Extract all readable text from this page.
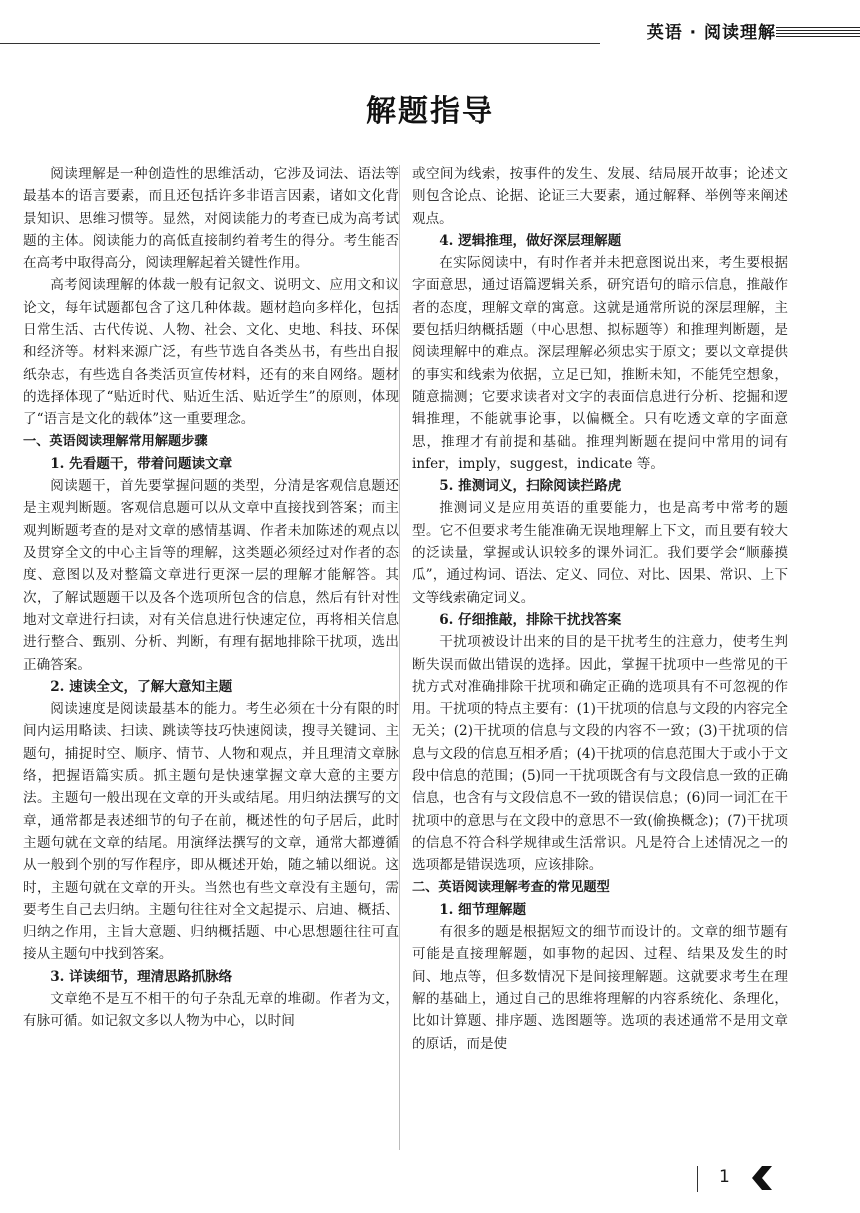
英语 · 阅读理解
解题指导

阅读理解是一种创造性的思维活动，它涉及词法、语法等最基本的语言要素，而且还包括许多非语言因素，诸如文化背景知识、思维习惯等。显然，对阅读能力的考查已成为高考试题的主体。阅读能力的高低直接制约着考生的得分。考生能否在高考中取得高分，阅读理解起着关键性作用。

高考阅读理解的体裁一般有记叙文、说明文、应用文和议论文，每年试题都包含了这几种体裁。题材趋向多样化，包括日常生活、古代传说、人物、社会、文化、史地、科技、环保和经济等。材料来源广泛，有些节选自各类丛书，有些出自报纸杂志，有些选自各类活页宣传材料，还有的来自网络。题材的选择体现了“贴近时代、贴近生活、贴近学生”的原则，体现了“语言是文化的载体”这一重要理念。

一、英语阅读理解常用解题步骤

1. 先看题干，带着问题读文章

阅读题干，首先要掌握问题的类型，分清是客观信息题还是主观判断题。客观信息题可以从文章中直接找到答案；而主观判断题考查的是对文章的感情基调、作者未加陈述的观点以及贯穿全文的中心主旨等的理解，这类题必须经过对作者的态度、意图以及对整篇文章进行更深一层的理解才能解答。其次，了解试题题干以及各个选项所包含的信息，然后有针对性地对文章进行扫读，对有关信息进行快速定位，再将相关信息进行整合、甄别、分析、判断，有理有据地排除干扰项，选出正确答案。

2. 速读全文，了解大意知主题

阅读速度是阅读最基本的能力。考生必须在十分有限的时间内运用略读、扫读、跳读等技巧快速阅读，搜寻关键词、主题句，捕捉时空、顺序、情节、人物和观点，并且理清文章脉络，把握语篇实质。抓主题句是快速掌握文章大意的主要方法。主题句一般出现在文章的开头或结尾。用归纳法撰写的文章，通常都是表述细节的句子在前，概述性的句子居后，此时主题句就在文章的结尾。用演绎法撰写的文章，通常大都遵循从一般到个别的写作程序，即从概述开始，随之辅以细说。这时，主题句就在文章的开头。当然也有些文章没有主题句，需要考生自己去归纳。主题句往往对全文起提示、启迪、概括、归纳之作用，主旨大意题、归纳概括题、中心思想题往往可直接从主题句中找到答案。

3. 详读细节，理清思路抓脉络

文章绝不是互不相干的句子杂乱无章的堆砌。作者为文，有脉可循。如记叙文多以人物为中心，以时间

或空间为线索，按事件的发生、发展、结局展开故事；论述文则包含论点、论据、论证三大要素，通过解释、举例等来阐述观点。

4. 逻辑推理，做好深层理解题

在实际阅读中，有时作者并未把意图说出来，考生要根据字面意思，通过语篇逻辑关系，研究语句的暗示信息，推敲作者的态度，理解文章的寓意。这就是通常所说的深层理解，主要包括归纳概括题（中心思想、拟标题等）和推理判断题，是阅读理解中的难点。深层理解必须忠实于原文；要以文章提供的事实和线索为依据，立足已知，推断未知，不能凭空想象，随意揣测；它要求读者对文字的表面信息进行分析、挖掘和逻辑推理，不能就事论事，以偏概全。只有吃透文章的字面意思，推理才有前提和基础。推理判断题在提问中常用的词有 infer，imply，suggest，indicate 等。

5. 推测词义，扫除阅读拦路虎

推测词义是应用英语的重要能力，也是高考中常考的题型。它不但要求考生能准确无误地理解上下文，而且要有较大的泛读量，掌握或认识较多的课外词汇。我们要学会“顺藤摸瓜”，通过构词、语法、定义、同位、对比、因果、常识、上下文等线索确定词义。

6. 仔细推敲，排除干扰找答案

干扰项被设计出来的目的是干扰考生的注意力，使考生判断失误而做出错误的选择。因此，掌握干扰项中一些常见的干扰方式对准确排除干扰项和确定正确的选项具有不可忽视的作用。干扰项的特点主要有：(1)干扰项的信息与文段的内容完全无关；(2)干扰项的信息与文段的内容不一致；(3)干扰项的信息与文段的信息互相矛盾；(4)干扰项的信息范围大于或小于文段中信息的范围；(5)同一干扰项既含有与文段信息一致的正确信息，也含有与文段信息不一致的错误信息；(6)同一词汇在干扰项中的意思与在文段中的意思不一致(偷换概念)；(7)干扰项的信息不符合科学规律或生活常识。凡是符合上述情况之一的选项都是错误选项，应该排除。

二、英语阅读理解考查的常见题型

1. 细节理解题

有很多的题是根据短文的细节而设计的。文章的细节题有可能是直接理解题，如事物的起因、过程、结果及发生的时间、地点等，但多数情况下是间接理解题。这就要求考生在理解的基础上，通过自己的思维将理解的内容系统化、条理化，比如计算题、排序题、选图题等。选项的表述通常不是用文章的原话，而是使

1
